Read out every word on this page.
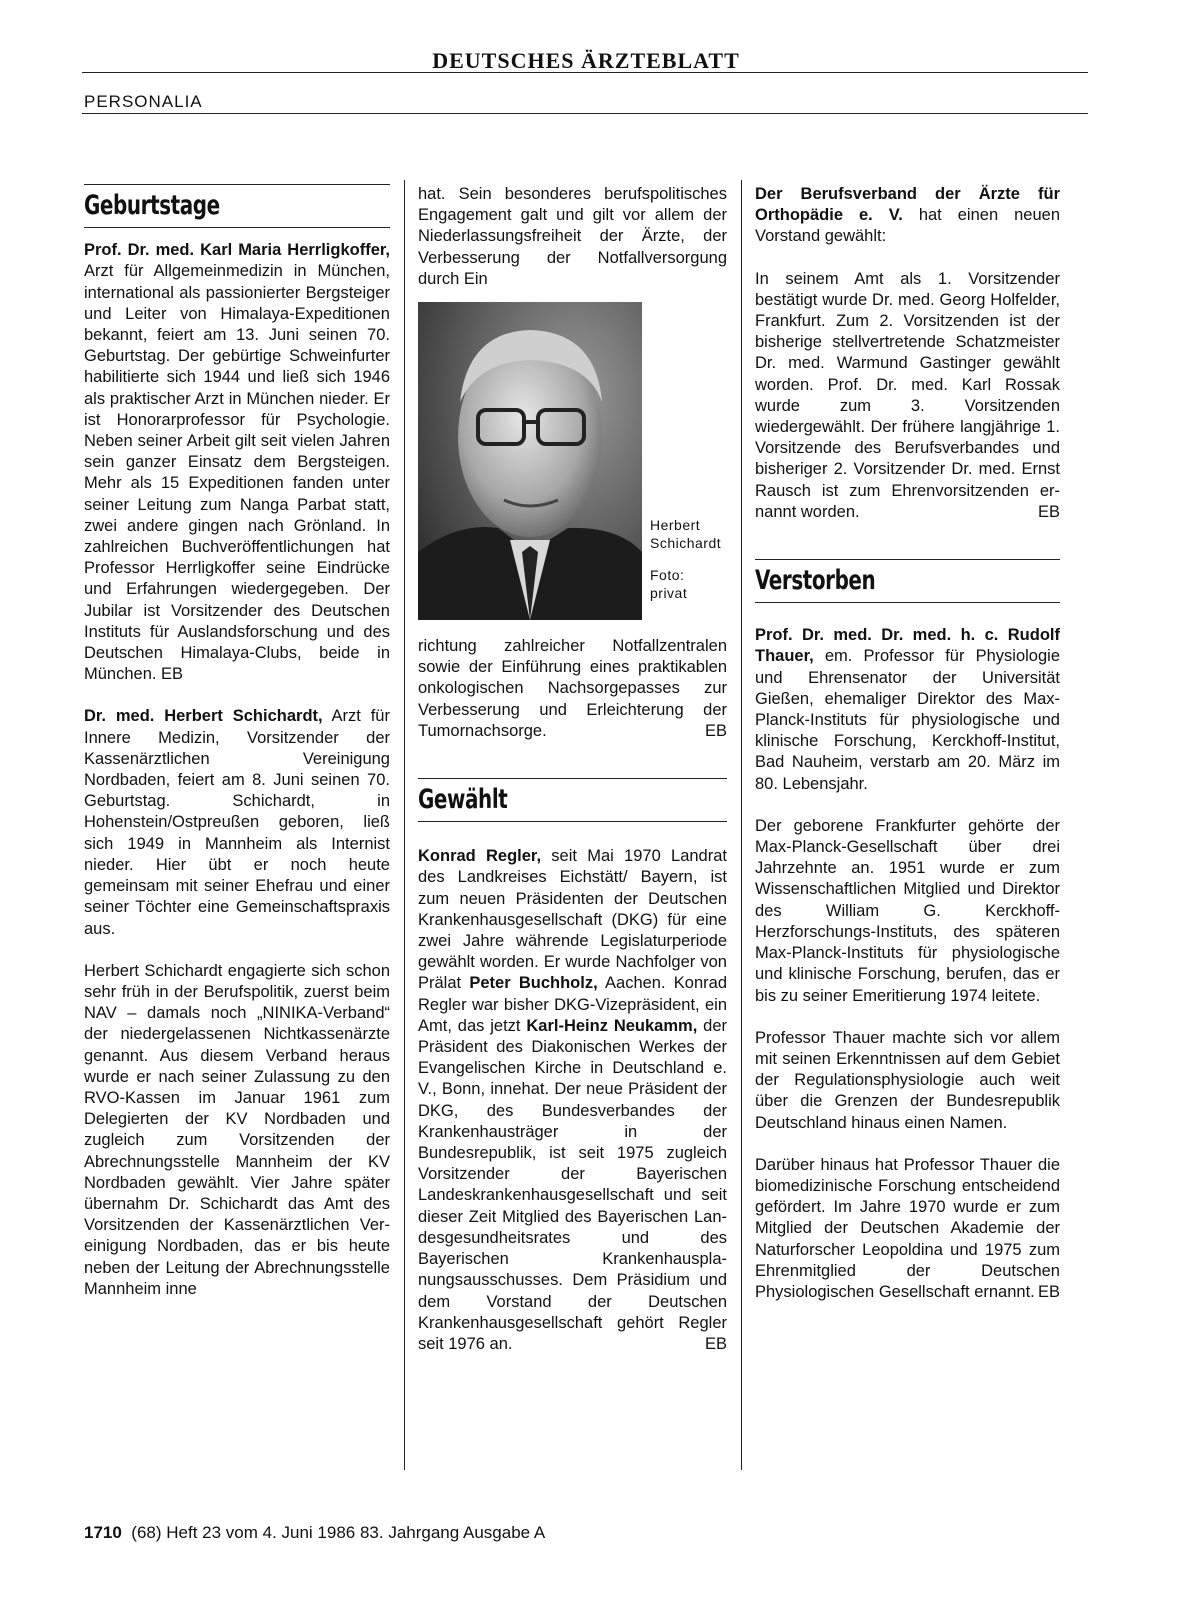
DEUTSCHES ÄRZTEBLATT
PERSONALIA
Geburtstage

Prof. Dr. med. Karl Maria Herrligkoffer, Arzt für Allgemeinmedizin in München, international als passionierter Bergsteiger und Leiter von Himalaya-Expeditionen bekannt, feiert am 13. Juni seinen 70. Geburtstag. Der gebürtige Schweinfurter habilitierte sich 1944 und ließ sich 1946 als praktischer Arzt in München nieder. Er ist Honorarprofessor für Psychologie. Neben seiner Arbeit gilt seit vielen Jahren sein ganzer Einsatz dem Bergsteigen. Mehr als 15 Expeditionen fanden unter seiner Leitung zum Nanga Parbat statt, zwei andere gingen nach Grönland. In zahlreichen Buchveröffentlichungen hat Professor Herrligkoffer seine Eindrücke und Erfahrungen wiedergegeben. Der Jubilar ist Vorsitzender des Deutschen Instituts für Auslandsforschung und des Deutschen Himalaya-Clubs, beide in München. EB

Dr. med. Herbert Schichardt, Arzt für Innere Medizin, Vorsitzender der Kassenärztlichen Vereinigung Nordbaden, feiert am 8. Juni seinen 70. Geburtstag. Schichardt, in Hohenstein/Ostpreußen geboren, ließ sich 1949 in Mannheim als Internist nieder. Hier übt er noch heute gemeinsam mit seiner Ehefrau und einer seiner Töchter eine Gemeinschaftspraxis aus.

Herbert Schichardt engagierte sich schon sehr früh in der Berufspolitik, zuerst beim NAV – damals noch „NINIKA-Verband“ der niedergelassenen Nichtkassenärzte genannt. Aus diesem Verband heraus wurde er nach seiner Zulassung zu den RVO-Kassen im Januar 1961 zum Delegierten der KV Nordbaden und zugleich zum Vorsitzenden der Abrechnungsstelle Mannheim der KV Nordbaden gewählt. Vier Jahre später übernahm Dr. Schichardt das Amt des Vorsitzenden der Kassenärztlichen Vereinigung Nordbaden, das er bis heute neben der Leitung der Abrechnungsstelle Mannheim inne

hat. Sein besonderes berufspolitisches Engagement galt und gilt vor allem der Niederlassungsfreiheit der Ärzte, der Verbesserung der Notfallversorgung durch Ein

Herbert
Schichardt
Foto:
privat

richtung zahlreicher Notfallzentralen sowie der Einführung eines praktikablen onkologischen Nachsorgepasses zur Verbesserung und Erleichterung der Tumornachsorge.	EB

Gewählt

Konrad Regler, seit Mai 1970 Landrat des Landkreises Eichstätt/ Bayern, ist zum neuen Präsidenten der Deutschen Krankenhausgesellschaft (DKG) für eine zwei Jahre währende Legislaturperiode gewählt worden. Er wurde Nachfolger von Prälat Peter Buchholz, Aachen. Konrad Regler war bisher DKG-Vizepräsident, ein Amt, das jetzt Karl-Heinz Neukamm, der Präsident des Diakonischen Werkes der Evangelischen Kirche in Deutschland e. V., Bonn, innehat. Der neue Präsident der DKG, des Bundesverbandes der Krankenhausträger in der Bundesrepublik, ist seit 1975 zugleich Vorsitzender der Bayerischen Landeskrankenhausgesellschaft und seit dieser Zeit Mitglied des Bayerischen Landesgesundheitsrates und des Bayerischen Krankenhausplanungsausschusses. Dem Präsidium und dem Vorstand der Deutschen Krankenhausgesellschaft gehört Regler seit 1976 an.	EB

Der Berufsverband der Ärzte für Orthopädie e. V. hat einen neuen Vorstand gewählt:

In seinem Amt als 1. Vorsitzender bestätigt wurde Dr. med. Georg Holfelder, Frankfurt. Zum 2. Vorsitzenden ist der bisherige stellvertretende Schatzmeister Dr. med. Warmund Gastinger gewählt worden. Prof. Dr. med. Karl Rossak wurde zum 3. Vorsitzenden wiedergewählt. Der frühere langjährige 1. Vorsitzende des Berufsverbandes und bisheriger 2. Vorsitzender Dr. med. Ernst Rausch ist zum Ehrenvorsitzenden ernannt worden.	EB

Verstorben

Prof. Dr. med. Dr. med. h. c. Rudolf Thauer, em. Professor für Physiologie und Ehrensenator der Universität Gießen, ehemaliger Direktor des Max-Planck-Instituts für physiologische und klinische Forschung, Kerckhoff-Institut, Bad Nauheim, verstarb am 20. März im 80. Lebensjahr.

Der geborene Frankfurter gehörte der Max-Planck-Gesellschaft über drei Jahrzehnte an. 1951 wurde er zum Wissenschaftlichen Mitglied und Direktor des William G. Kerckhoff-Herzforschungs-Instituts, des späteren Max-Planck-Instituts für physiologische und klinische Forschung, berufen, das er bis zu seiner Emeritierung 1974 leitete.

Professor Thauer machte sich vor allem mit seinen Erkenntnissen auf dem Gebiet der Regulationsphysiologie auch weit über die Grenzen der Bundesrepublik Deutschland hinaus einen Namen.

Darüber hinaus hat Professor Thauer die biomedizinische Forschung entscheidend gefördert. Im Jahre 1970 wurde er zum Mitglied der Deutschen Akademie der Naturforscher Leopoldina und 1975 zum Ehrenmitglied der Deutschen Physiologischen Gesellschaft ernannt. EB

1710 (68) Heft 23 vom 4. Juni 1986 83. Jahrgang Ausgabe A
